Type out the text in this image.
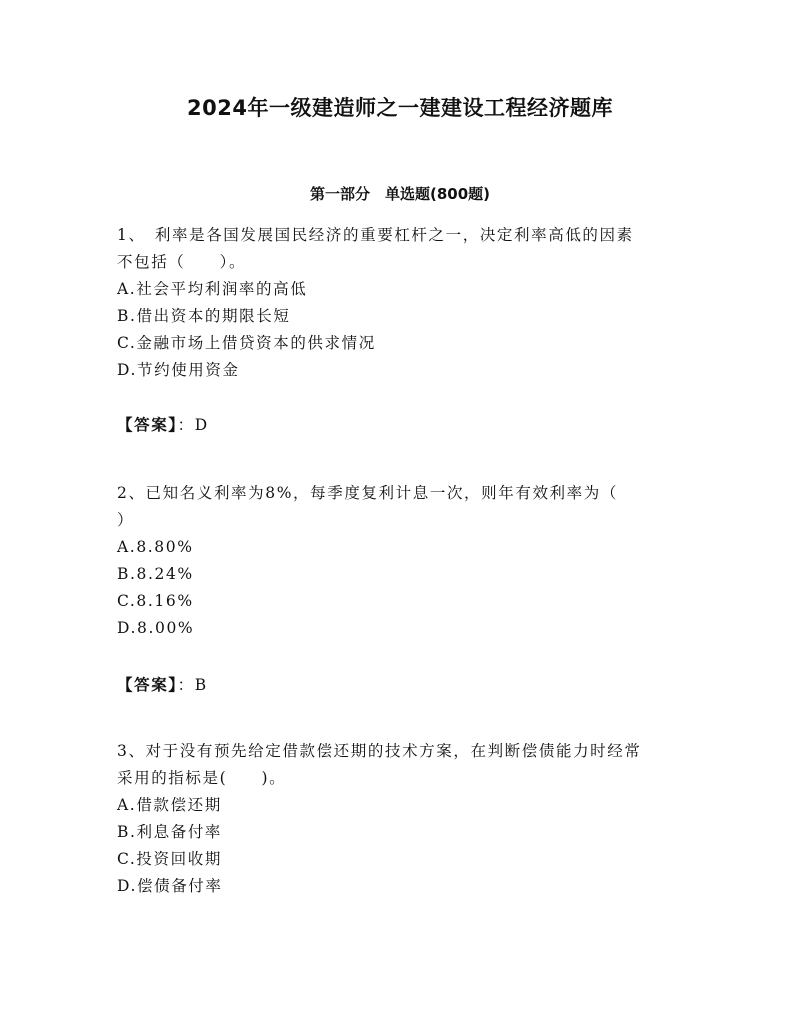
2024年一级建造师之一建建设工程经济题库
第一部分　单选题(800题)
1、　利率是各国发展国民经济的重要杠杆之一，决定利率高低的因素
不包括（　　）。
A.社会平均利润率的高低
B.借出资本的期限长短
C.金融市场上借贷资本的供求情况
D.节约使用资金
【答案】：D
2、已知名义利率为8%，每季度复利计息一次，则年有效利率为（
）
A.8.80%
B.8.24%
C.8.16%
D.8.00%
【答案】：B
3、对于没有预先给定借款偿还期的技术方案，在判断偿债能力时经常
采用的指标是(　　)。
A.借款偿还期
B.利息备付率
C.投资回收期
D.偿债备付率
